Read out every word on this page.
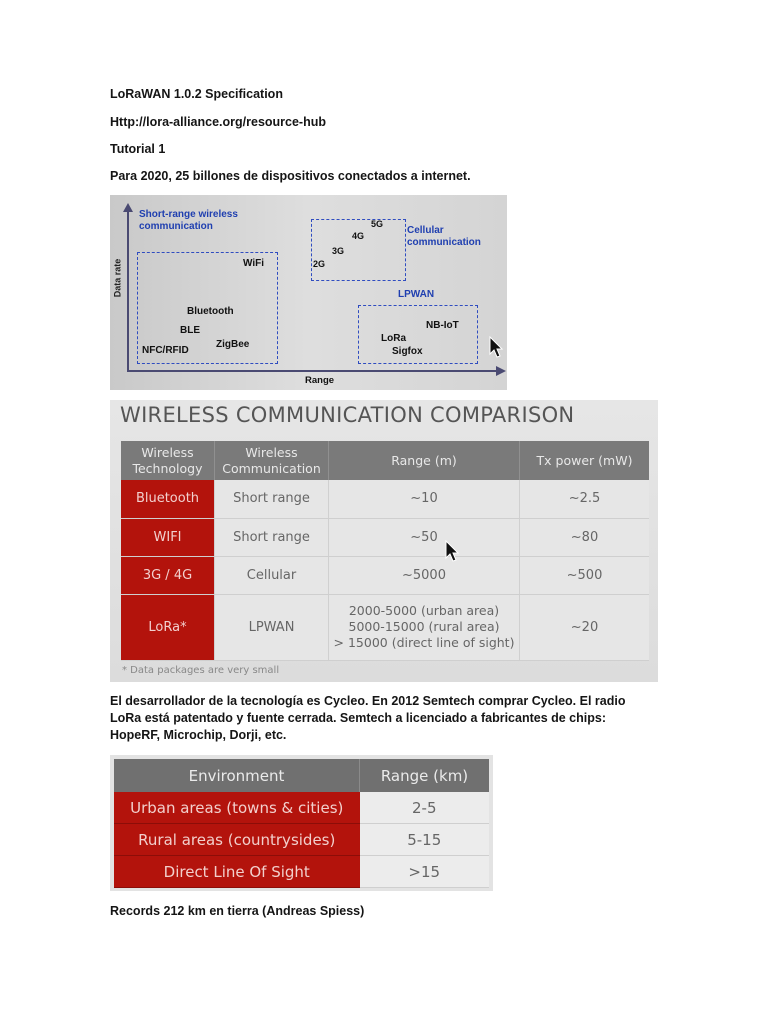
LoRaWAN 1.0.2 Specification
Http://lora-alliance.org/resource-hub
Tutorial 1
Para 2020, 25 billones de dispositivos conectados a internet.
Data rate
Range
Short-range wireless communication
WiFi
Bluetooth
BLE
ZigBee
NFC/RFID
5G
4G
3G
2G
Cellular communication
LPWAN
NB-IoT
LoRa
Sigfox
WIRELESS COMMUNICATION COMPARISON
Wireless Technology	Wireless Communication	Range (m)	Tx power (mW)
Bluetooth	Short range	~10	~2.5
WIFI	Short range	~50	~80
3G / 4G	Cellular	~5000	~500
LoRa*	LPWAN	2000-5000 (urban area)
5000-15000 (rural area)
> 15000 (direct line of sight)	~20
* Data packages are very small
El desarrollador de la tecnología es Cycleo. En 2012 Semtech comprar Cycleo. El radio LoRa está patentado y fuente cerrada. Semtech a licenciado a fabricantes de chips: HopeRF, Microchip, Dorji, etc.
Environment	Range (km)
Urban areas (towns & cities)	2-5
Rural areas (countrysides)	5-15
Direct Line Of Sight	>15
Records 212 km en tierra (Andreas Spiess)
